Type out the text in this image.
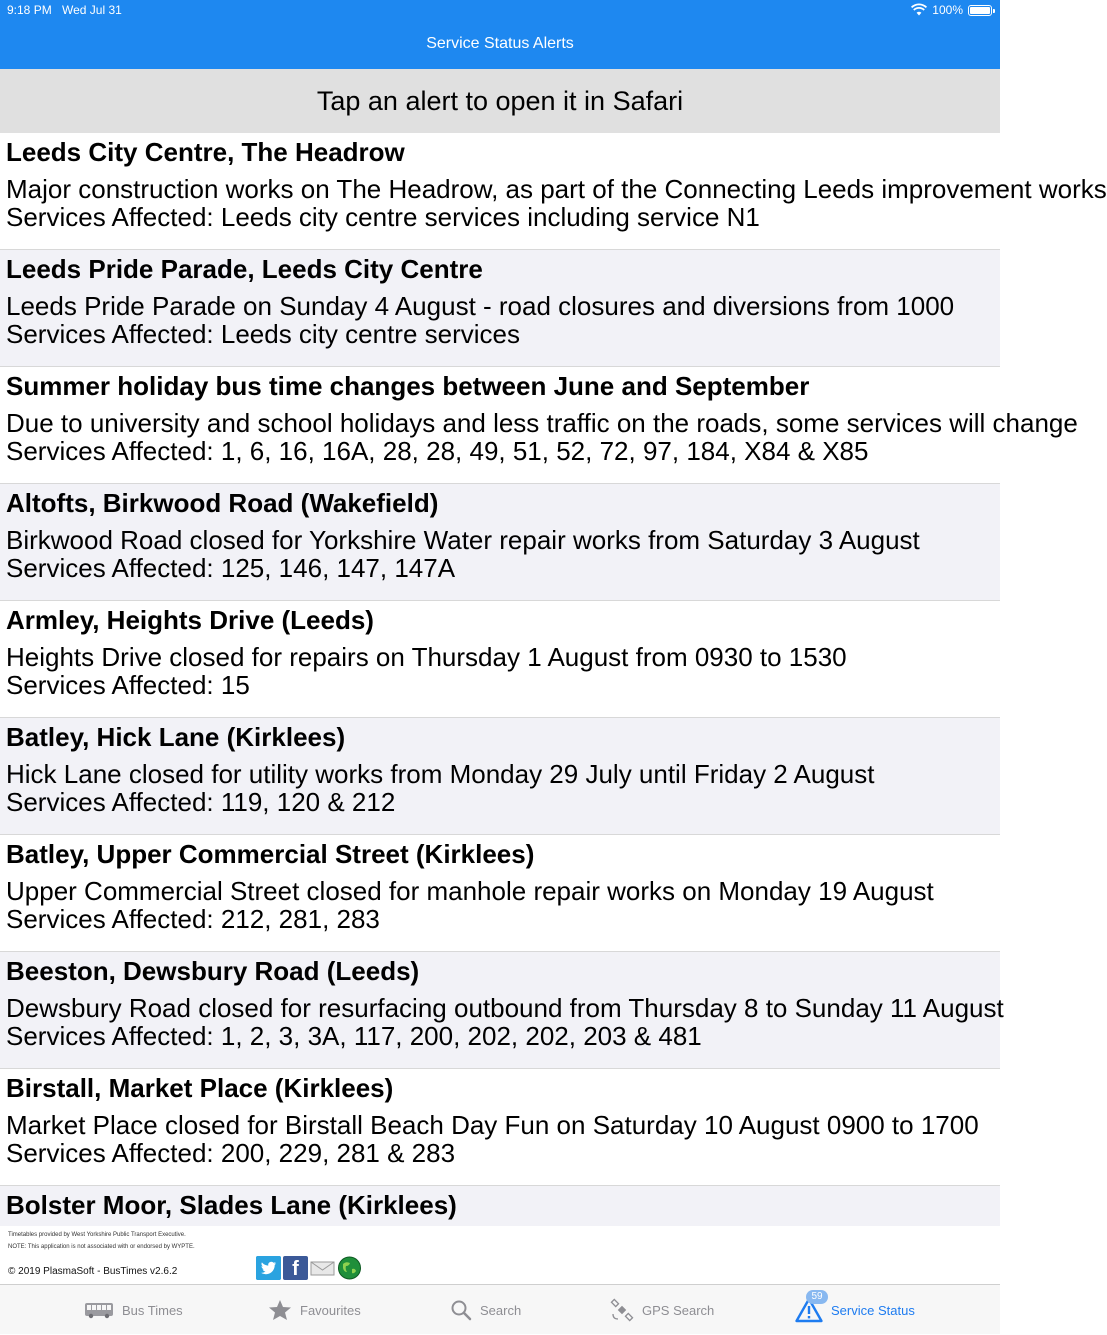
9:18 PM Wed Jul 31	100%
Service Status Alerts
Tap an alert to open it in Safari
Leeds City Centre, The Headrow
Major construction works on The Headrow, as part of the Connecting Leeds improvement works
Services Affected: Leeds city centre services including service N1
Leeds Pride Parade, Leeds City Centre
Leeds Pride Parade on Sunday 4 August - road closures and diversions from 1000
Services Affected: Leeds city centre services
Summer holiday bus time changes between June and September
Due to university and school holidays and less traffic on the roads, some services will change
Services Affected: 1, 6, 16, 16A, 28, 28, 49, 51, 52, 72, 97, 184, X84 & X85
Altofts, Birkwood Road (Wakefield)
Birkwood Road closed for Yorkshire Water repair works from Saturday 3 August
Services Affected: 125, 146, 147, 147A
Armley, Heights Drive (Leeds)
Heights Drive closed for repairs on Thursday 1 August from 0930 to 1530
Services Affected: 15
Batley, Hick Lane (Kirklees)
Hick Lane closed for utility works from Monday 29 July until Friday 2 August
Services Affected: 119, 120 & 212
Batley, Upper Commercial Street (Kirklees)
Upper Commercial Street closed for manhole repair works on Monday 19 August
Services Affected: 212, 281, 283
Beeston, Dewsbury Road (Leeds)
Dewsbury Road closed for resurfacing outbound from Thursday 8 to Sunday 11 August
Services Affected: 1, 2, 3, 3A, 117, 200, 202, 202, 203 & 481
Birstall, Market Place (Kirklees)
Market Place closed for Birstall Beach Day Fun on Saturday 10 August 0900 to 1700
Services Affected: 200, 229, 281 & 283
Bolster Moor, Slades Lane (Kirklees)
Timetables provided by West Yorkshire Public Transport Executive.
NOTE: This application is not associated with or endorsed by WYPTE.
© 2019 PlasmaSoft - BusTimes v2.6.2	f
Bus Times	Favourites	Search	GPS Search	Service Status
59
